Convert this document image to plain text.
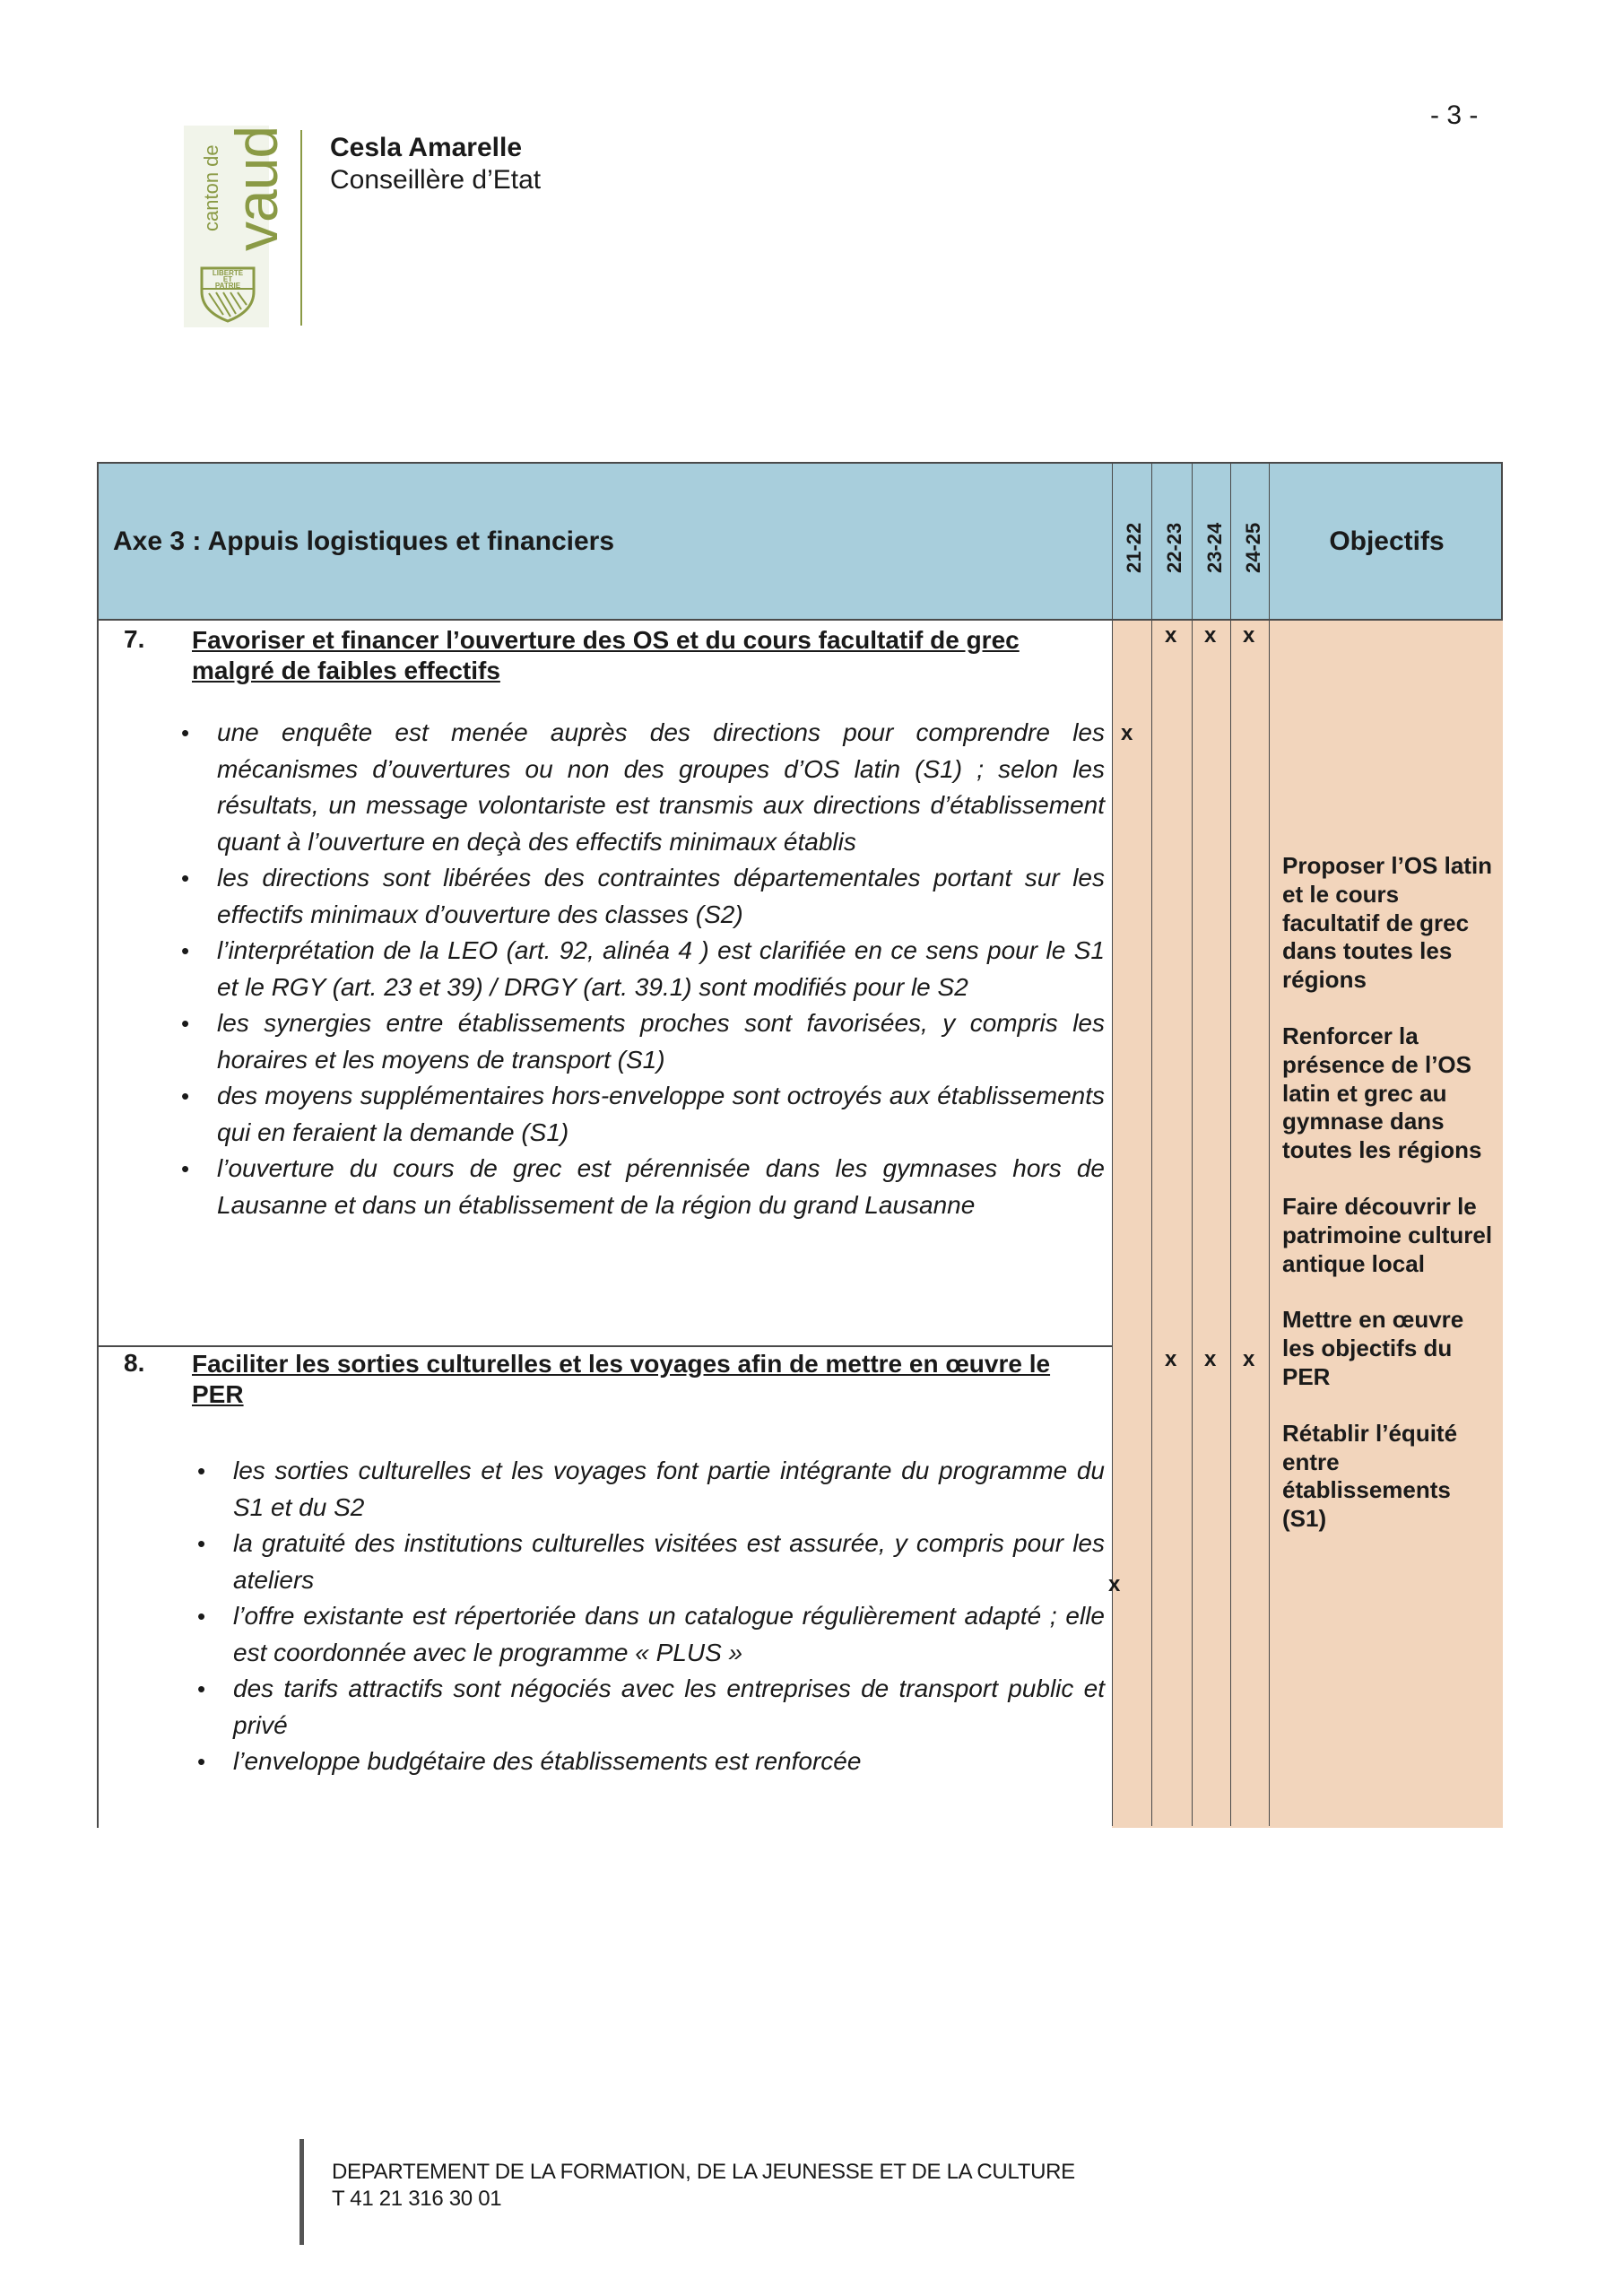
- 3 -
canton de vaud
LIBERTÉ
ET
PATRIE
Cesla Amarelle
Conseillère d’Etat
Axe 3 : Appuis logistiques et financiers	21-22 22-23 23-24 24-25	Objectifs
7. Favoriser et financer l’ouverture des OS et du cours facultatif de grec malgré de faibles effectifs
x
x x x
• une enquête est menée auprès des directions pour comprendre les mécanismes d’ouvertures ou non des groupes d’OS latin (S1) ; selon les résultats, un message volontariste est transmis aux directions d’établissement quant à l’ouverture en deçà des effectifs minimaux établis
• les directions sont libérées des contraintes départementales portant sur les effectifs minimaux d’ouverture des classes (S2)
• l’interprétation de la LEO (art. 92, alinéa 4 ) est clarifiée en ce sens pour le S1 et le RGY (art. 23 et 39) / DRGY (art. 39.1) sont modifiés pour le S2
• les synergies entre établissements proches sont favorisées, y compris les horaires et les moyens de transport (S1)
• des moyens supplémentaires hors-enveloppe sont octroyés aux établissements qui en feraient la demande (S1)
• l’ouverture du cours de grec est pérennisée dans les gymnases hors de Lausanne et dans un établissement de la région du grand Lausanne
8. Faciliter les sorties culturelles et les voyages afin de mettre en œuvre le PER
x
x x x
• les sorties culturelles et les voyages font partie intégrante du programme du S1 et du S2
• la gratuité des institutions culturelles visitées est assurée, y compris pour les ateliers
• l’offre existante est répertoriée dans un catalogue régulièrement adapté ; elle est coordonnée avec le programme « PLUS »
• des tarifs attractifs sont négociés avec les entreprises de transport public et privé
• l’enveloppe budgétaire des établissements est renforcée

Proposer l’OS latin et le cours facultatif de grec dans toutes les régions

Renforcer la présence de l’OS latin et grec au gymnase dans toutes les régions

Faire découvrir le patrimoine culturel antique local

Mettre en œuvre les objectifs du PER

Rétablir l’équité entre établissements (S1)

DEPARTEMENT DE LA FORMATION, DE LA JEUNESSE ET DE LA CULTURE
T 41 21 316 30 01
